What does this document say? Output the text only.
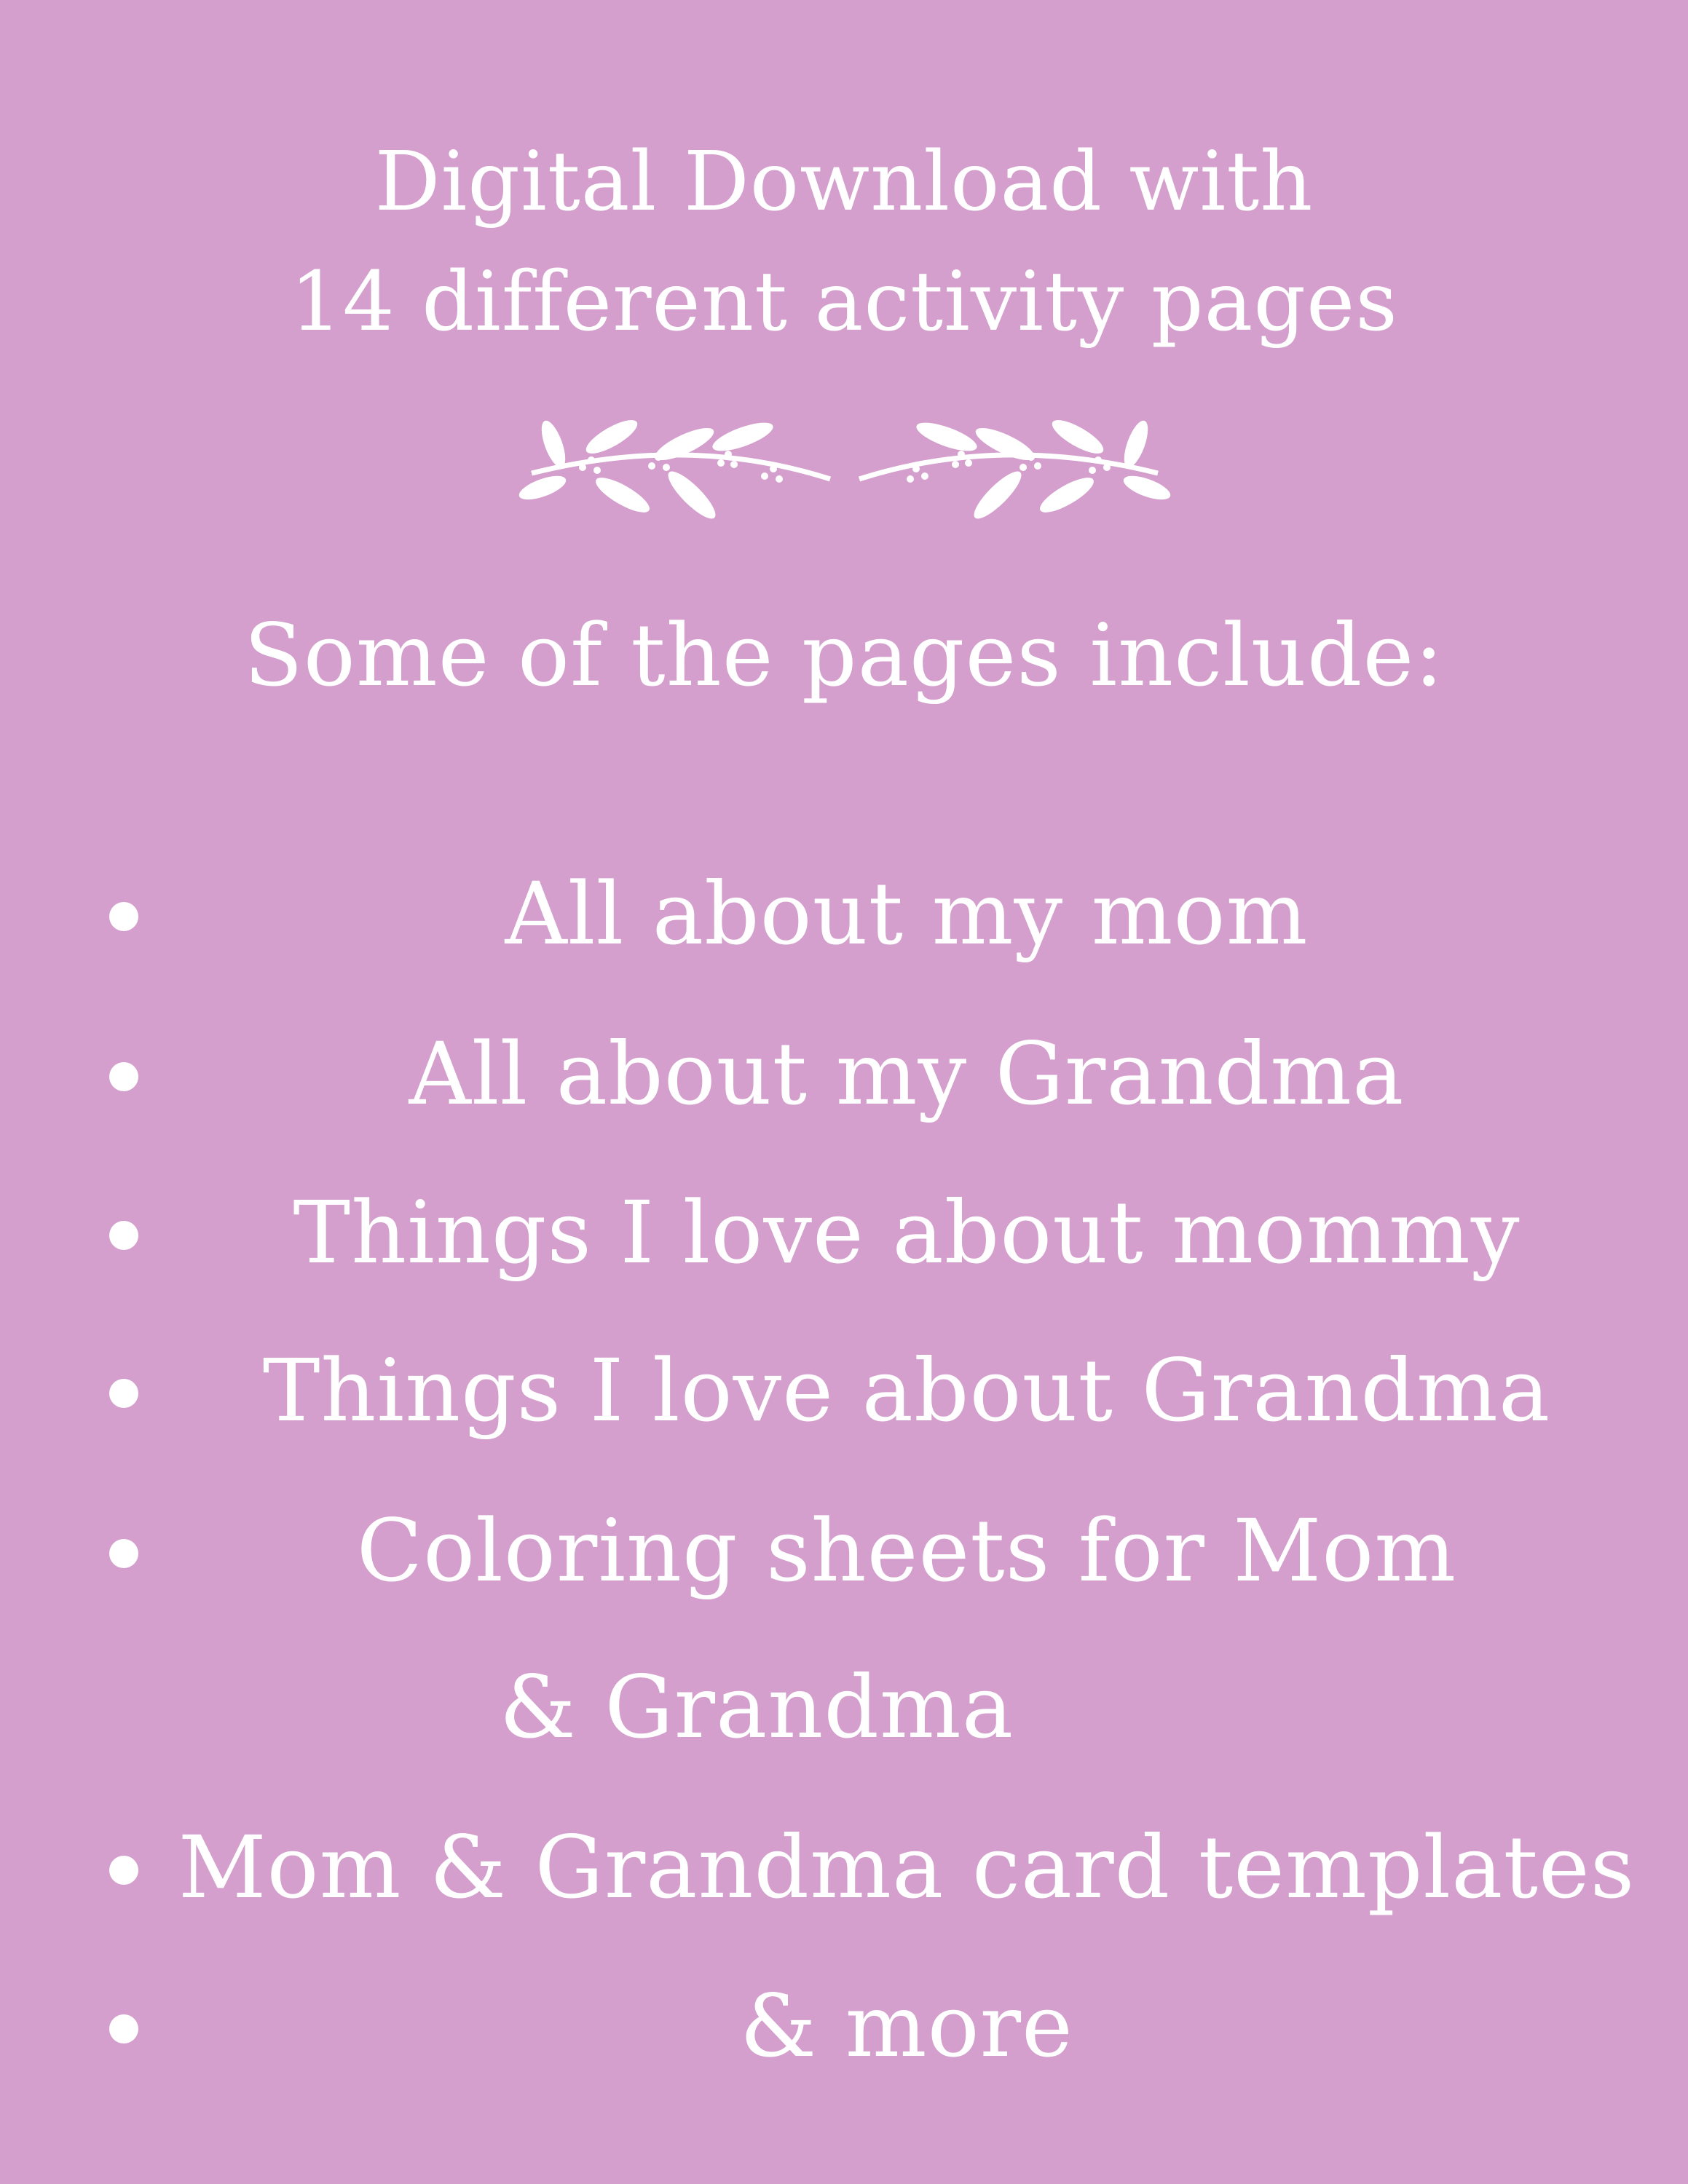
Digital Download with
14 different activity pages
Some of the pages include:
All about my mom
All about my Grandma
Things I love about mommy
Things I love about Grandma
Coloring sheets for Mom
& Grandma
Mom & Grandma card templates
& more
